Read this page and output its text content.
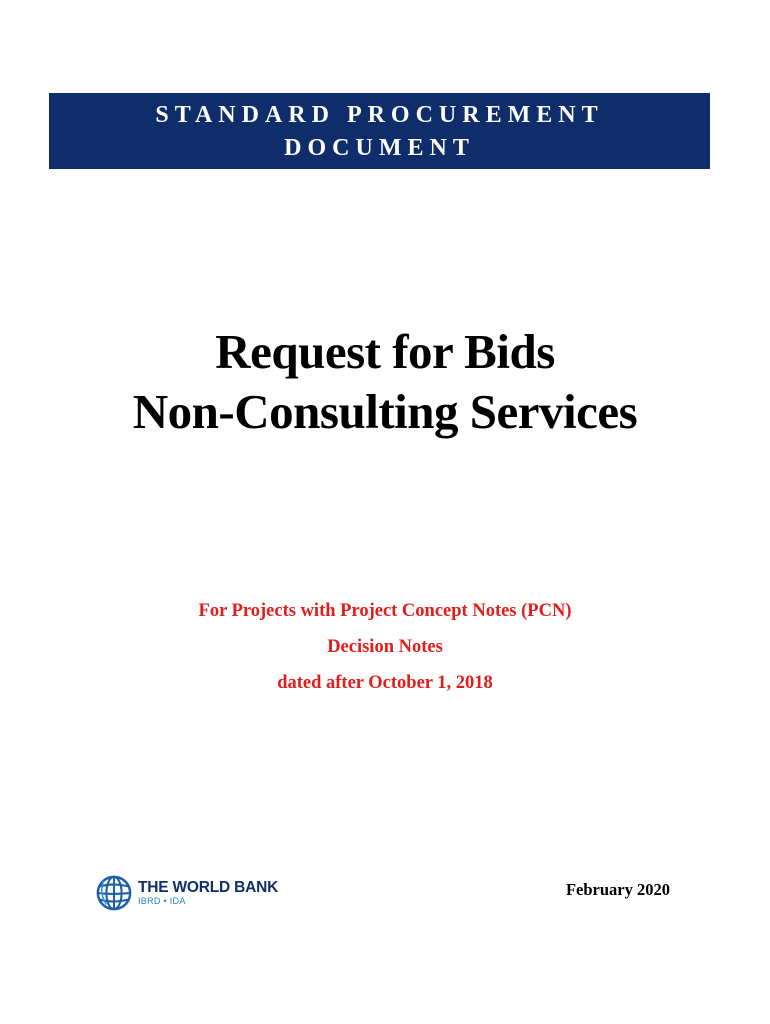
STANDARD PROCUREMENT
DOCUMENT
Request for Bids
Non-Consulting Services
For Projects with Project Concept Notes (PCN)
Decision Notes
dated after October 1, 2018
THE WORLD BANK
IBRD • IDA
February 2020
